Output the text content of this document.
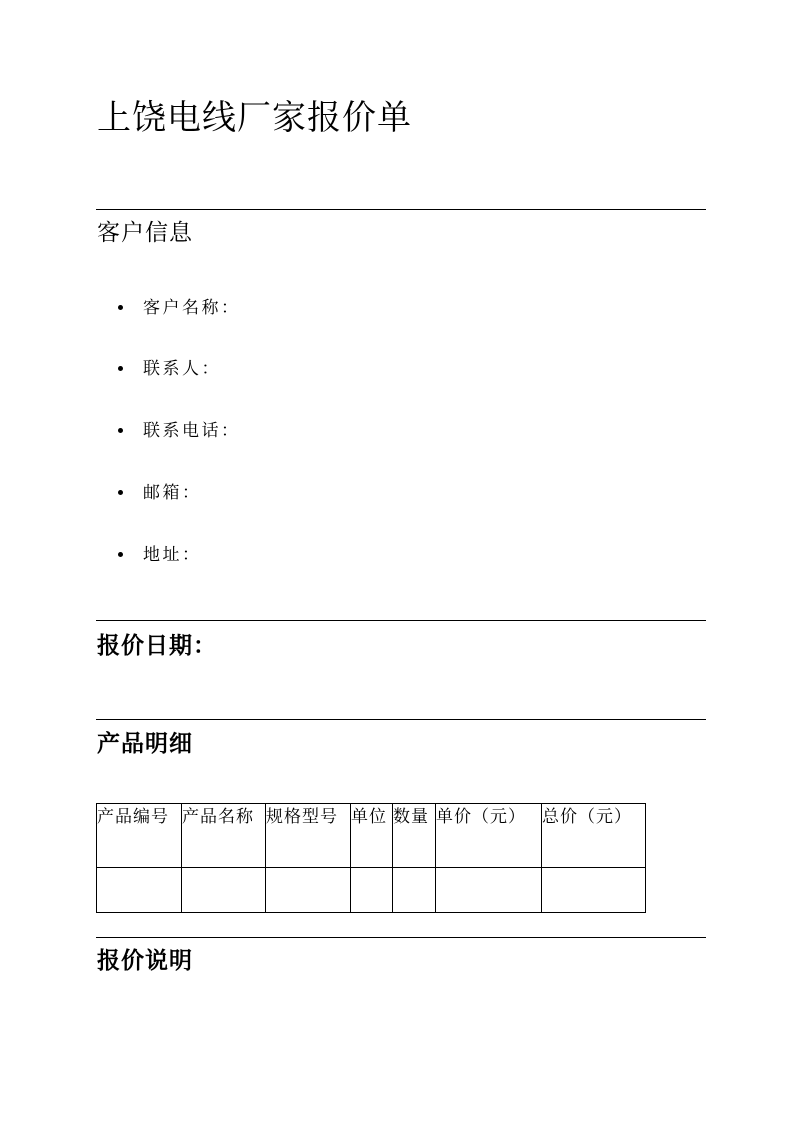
上饶电线厂家报价单
客户信息
客户名称：
联系人：
联系电话：
邮箱：
地址：
报价日期：
产品明细
产品编号	产品名称	规格型号	单位	数量	单价（元）	总价（元）

报价说明
